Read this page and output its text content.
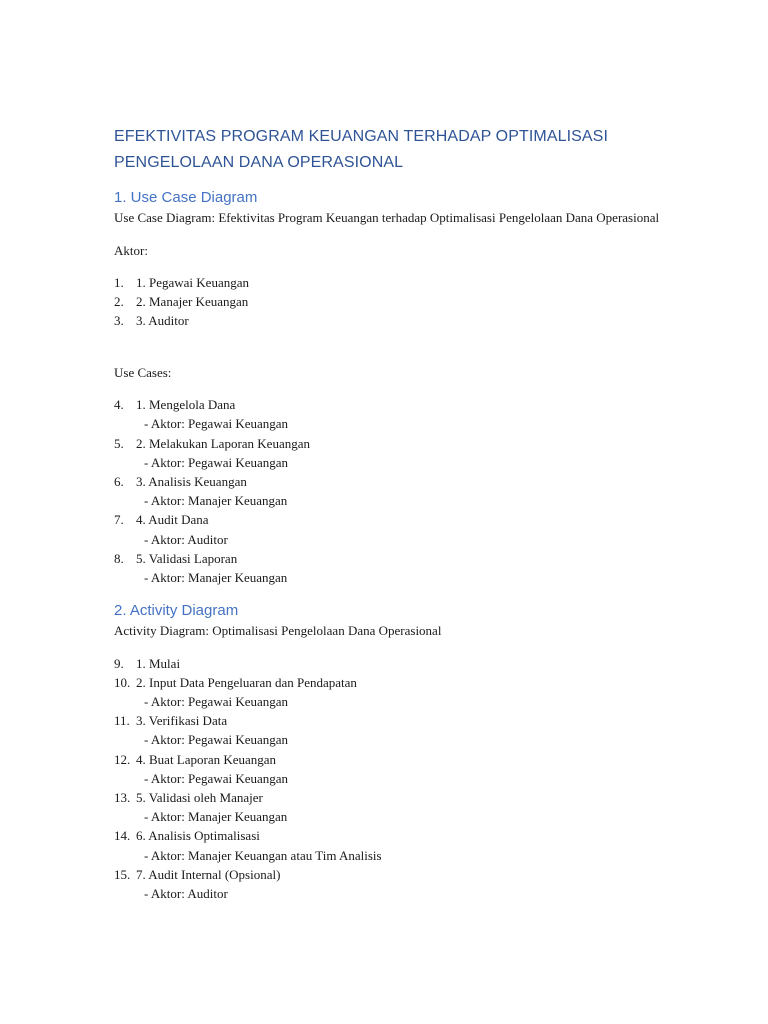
EFEKTIVITAS PROGRAM KEUANGAN TERHADAP OPTIMALISASI
PENGELOLAAN DANA OPERASIONAL
1. Use Case Diagram

Use Case Diagram: Efektivitas Program Keuangan terhadap Optimalisasi Pengelolaan Dana Operasional

Aktor:

1. 1. Pegawai Keuangan
2. 2. Manajer Keuangan
3. 3. Auditor

Use Cases:

4. 1. Mengelola Dana
- Aktor: Pegawai Keuangan
5. 2. Melakukan Laporan Keuangan
- Aktor: Pegawai Keuangan
6. 3. Analisis Keuangan
- Aktor: Manajer Keuangan
7. 4. Audit Dana
- Aktor: Auditor
8. 5. Validasi Laporan
- Aktor: Manajer Keuangan
2. Activity Diagram

Activity Diagram: Optimalisasi Pengelolaan Dana Operasional

9. 1. Mulai
10. 2. Input Data Pengeluaran dan Pendapatan
- Aktor: Pegawai Keuangan
11. 3. Verifikasi Data
- Aktor: Pegawai Keuangan
12. 4. Buat Laporan Keuangan
- Aktor: Pegawai Keuangan
13. 5. Validasi oleh Manajer
- Aktor: Manajer Keuangan
14. 6. Analisis Optimalisasi
- Aktor: Manajer Keuangan atau Tim Analisis
15. 7. Audit Internal (Opsional)
- Aktor: Auditor
